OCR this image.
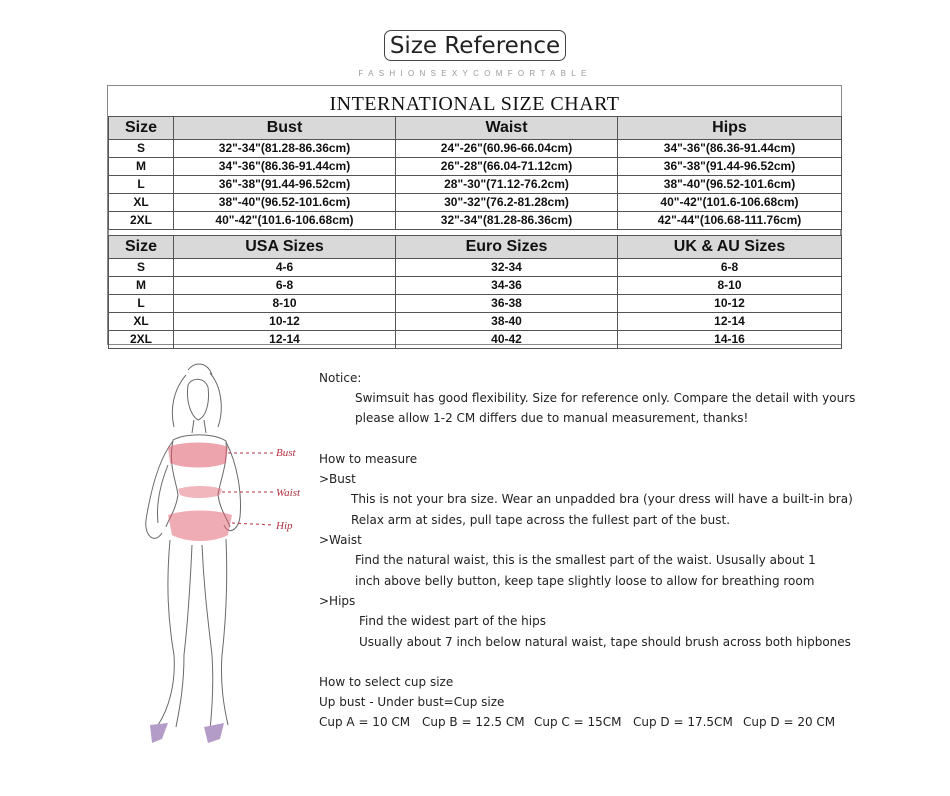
Size Reference
FASHIONSEXYCOMFORTABLE
INTERNATIONAL SIZE CHART
Size	Bust	Waist	Hips
S	32"-34"(81.28-86.36cm)	24"-26"(60.96-66.04cm)	34"-36"(86.36-91.44cm)
M	34"-36"(86.36-91.44cm)	26"-28"(66.04-71.12cm)	36"-38"(91.44-96.52cm)
L	36"-38"(91.44-96.52cm)	28"-30"(71.12-76.2cm)	38"-40"(96.52-101.6cm)
XL	38"-40"(96.52-101.6cm)	30"-32"(76.2-81.28cm)	40"-42"(101.6-106.68cm)
2XL	40"-42"(101.6-106.68cm)	32"-34"(81.28-86.36cm)	42"-44"(106.68-111.76cm)
Size	USA Sizes	Euro Sizes	UK & AU Sizes
S	4-6	32-34	6-8
M	6-8	34-36	8-10
L	8-10	36-38	10-12
XL	10-12	38-40	12-14
2XL	12-14	40-42	14-16
Bust
Waist
Hip
Notice:
Swimsuit has good flexibility. Size for reference only. Compare the detail with yours
please allow 1-2 CM differs due to manual measurement, thanks!
How to measure
>Bust
This is not your bra size. Wear an unpadded bra (your dress will have a built-in bra)
Relax arm at sides, pull tape across the fullest part of the bust.
>Waist
Find the natural waist, this is the smallest part of the waist. Ususally about 1
inch above belly button, keep tape slightly loose to allow for breathing room
>Hips
Find the widest part of the hips
Usually about 7 inch below natural waist, tape should brush across both hipbones
How to select cup size
Up bust - Under bust=Cup size
Cup A = 10 CM Cup B = 12.5 CM Cup C = 15CM Cup D = 17.5CM Cup D = 20 CM
